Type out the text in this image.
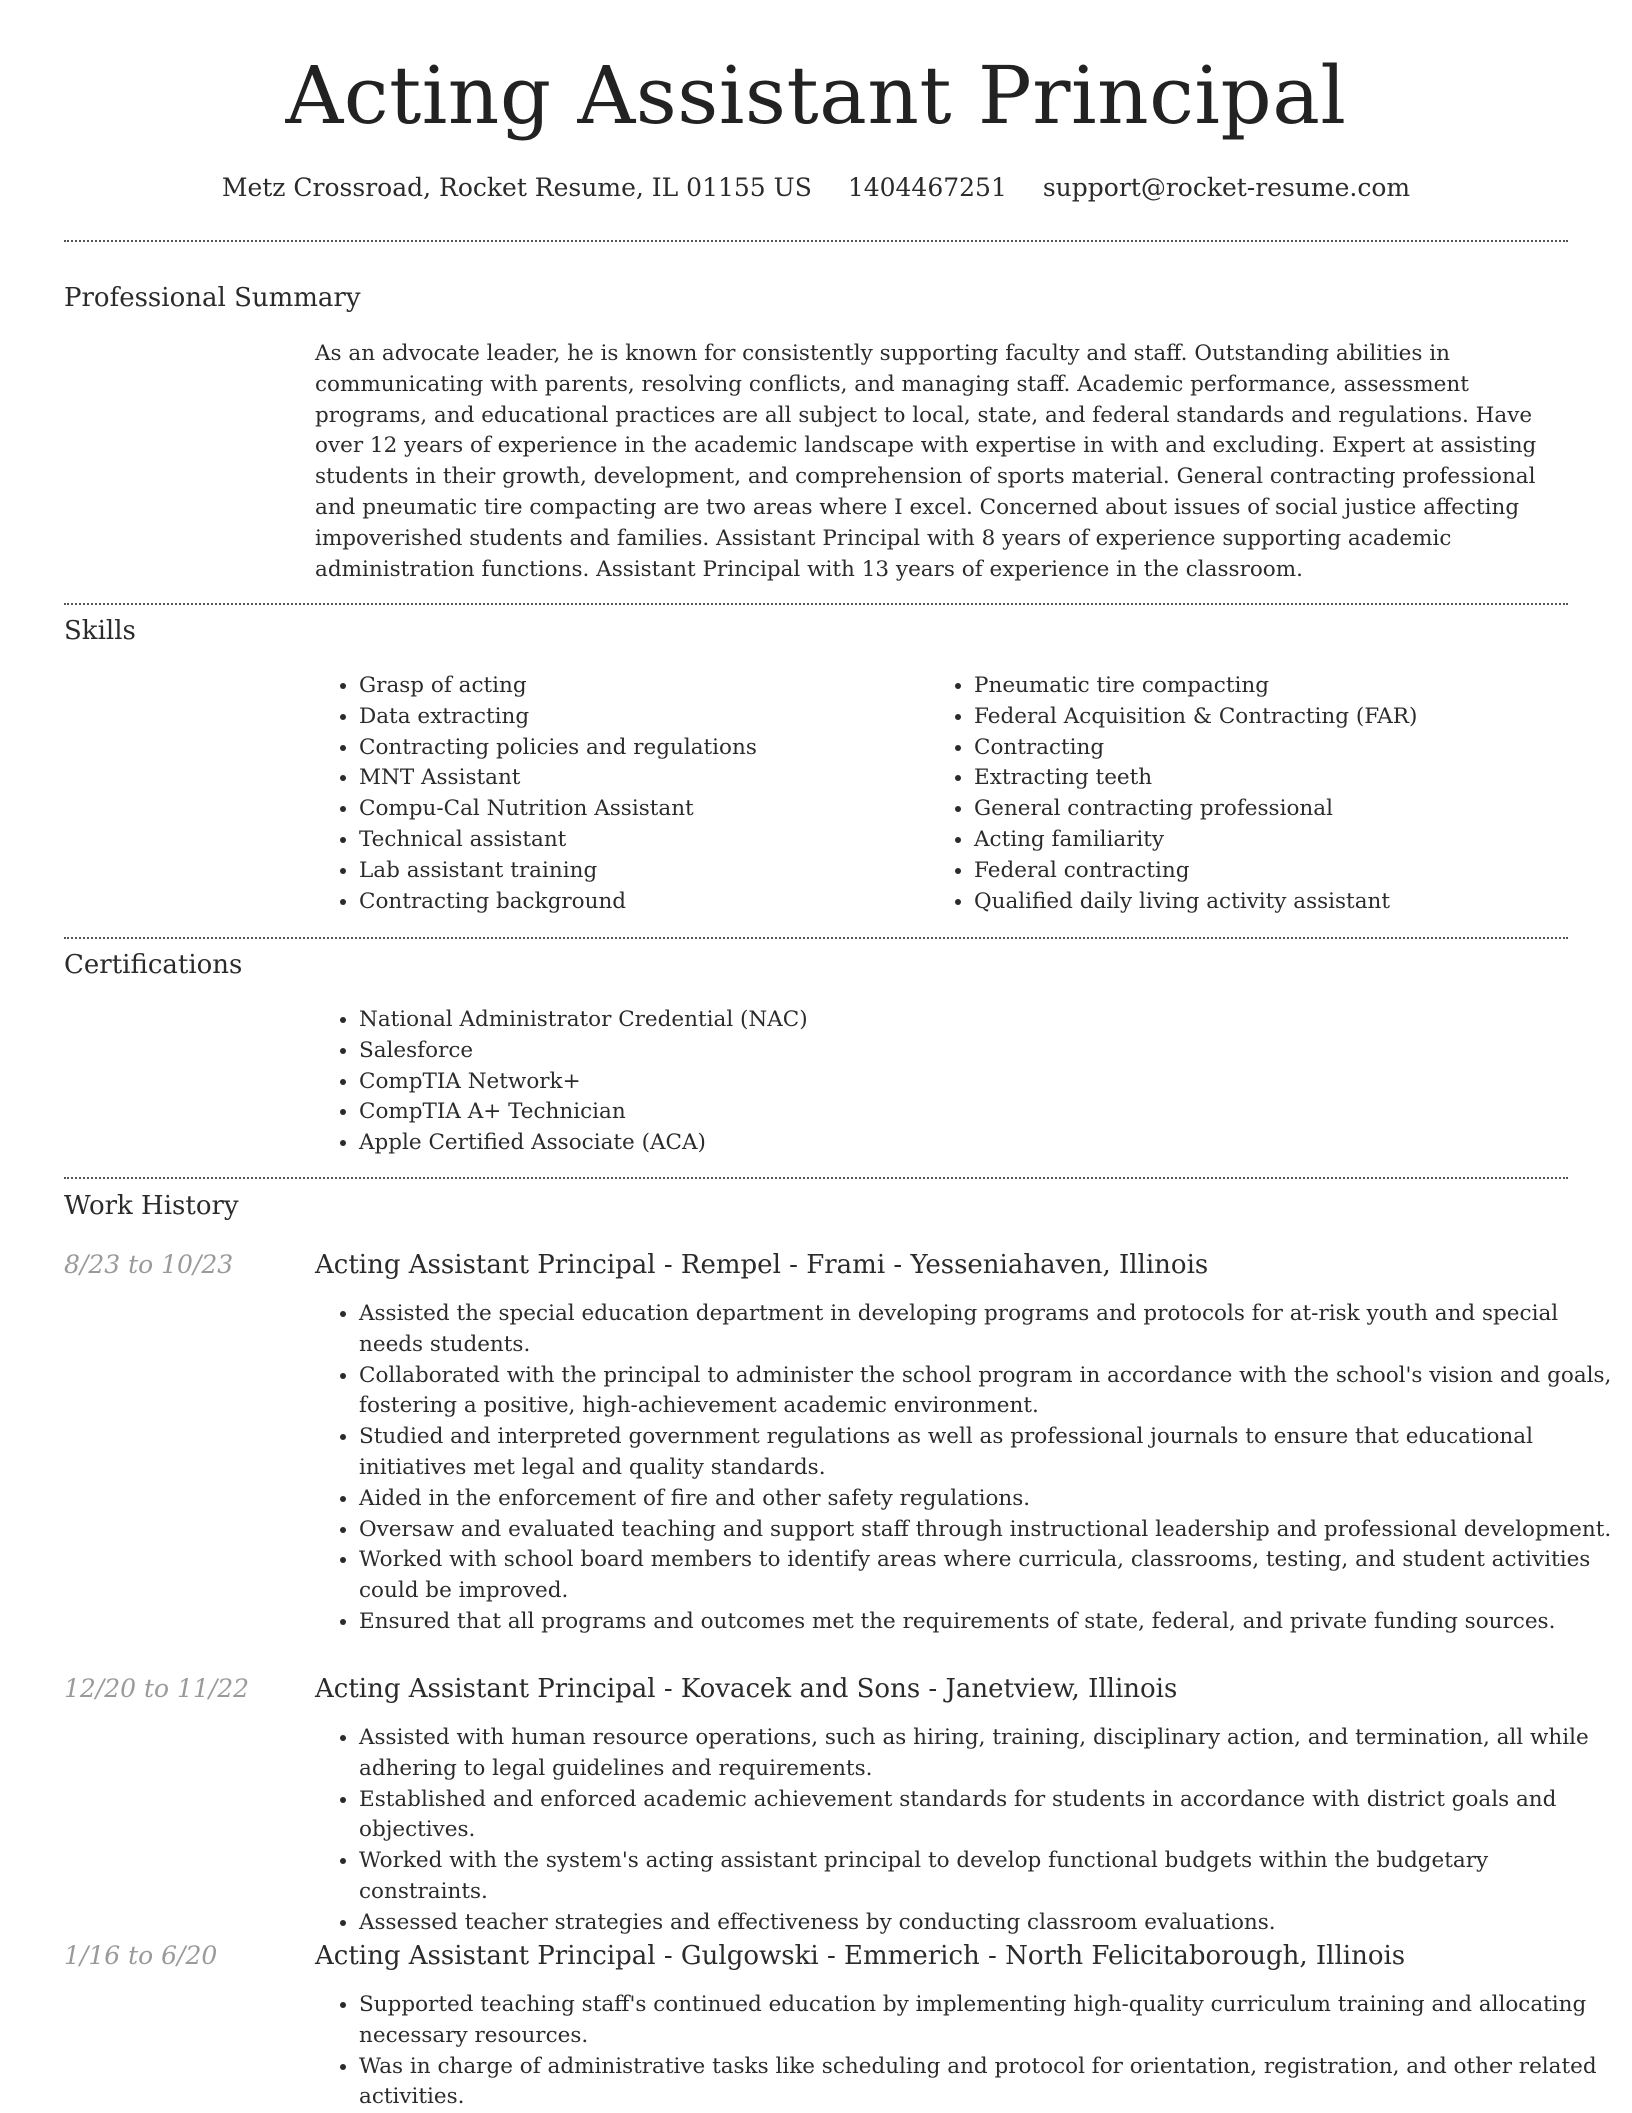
Acting Assistant Principal
Metz Crossroad, Rocket Resume, IL 01155 US 1404467251 support@rocket-resume.com
Professional Summary
As an advocate leader, he is known for consistently supporting faculty and staff. Outstanding abilities in communicating with parents, resolving conflicts, and managing staff. Academic performance, assessment programs, and educational practices are all subject to local, state, and federal standards and regulations. Have over 12 years of experience in the academic landscape with expertise in with and excluding. Expert at assisting students in their growth, development, and comprehension of sports material. General contracting professional and pneumatic tire compacting are two areas where I excel. Concerned about issues of social justice affecting impoverished students and families. Assistant Principal with 8 years of experience supporting academic administration functions. Assistant Principal with 13 years of experience in the classroom.
Skills
• Grasp of acting
• Data extracting
• Contracting policies and regulations
• MNT Assistant
• Compu-Cal Nutrition Assistant
• Technical assistant
• Lab assistant training
• Contracting background
• Pneumatic tire compacting
• Federal Acquisition & Contracting (FAR)
• Contracting
• Extracting teeth
• General contracting professional
• Acting familiarity
• Federal contracting
• Qualified daily living activity assistant
Certifications
• National Administrator Credential (NAC)
• Salesforce
• CompTIA Network+
• CompTIA A+ Technician
• Apple Certified Associate (ACA)
Work History
8/23 to 10/23	Acting Assistant Principal - Rempel - Frami - Yesseniahaven, Illinois
• Assisted the special education department in developing programs and protocols for at-risk youth and special needs students.
• Collaborated with the principal to administer the school program in accordance with the school's vision and goals, fostering a positive, high-achievement academic environment.
• Studied and interpreted government regulations as well as professional journals to ensure that educational initiatives met legal and quality standards.
• Aided in the enforcement of fire and other safety regulations.
• Oversaw and evaluated teaching and support staff through instructional leadership and professional development.
• Worked with school board members to identify areas where curricula, classrooms, testing, and student activities could be improved.
• Ensured that all programs and outcomes met the requirements of state, federal, and private funding sources.
12/20 to 11/22	Acting Assistant Principal - Kovacek and Sons - Janetview, Illinois
• Assisted with human resource operations, such as hiring, training, disciplinary action, and termination, all while adhering to legal guidelines and requirements.
• Established and enforced academic achievement standards for students in accordance with district goals and objectives.
• Worked with the system's acting assistant principal to develop functional budgets within the budgetary constraints.
• Assessed teacher strategies and effectiveness by conducting classroom evaluations.
1/16 to 6/20	Acting Assistant Principal - Gulgowski - Emmerich - North Felicitaborough, Illinois
• Supported teaching staff's continued education by implementing high-quality curriculum training and allocating necessary resources.
• Was in charge of administrative tasks like scheduling and protocol for orientation, registration, and other related activities.
